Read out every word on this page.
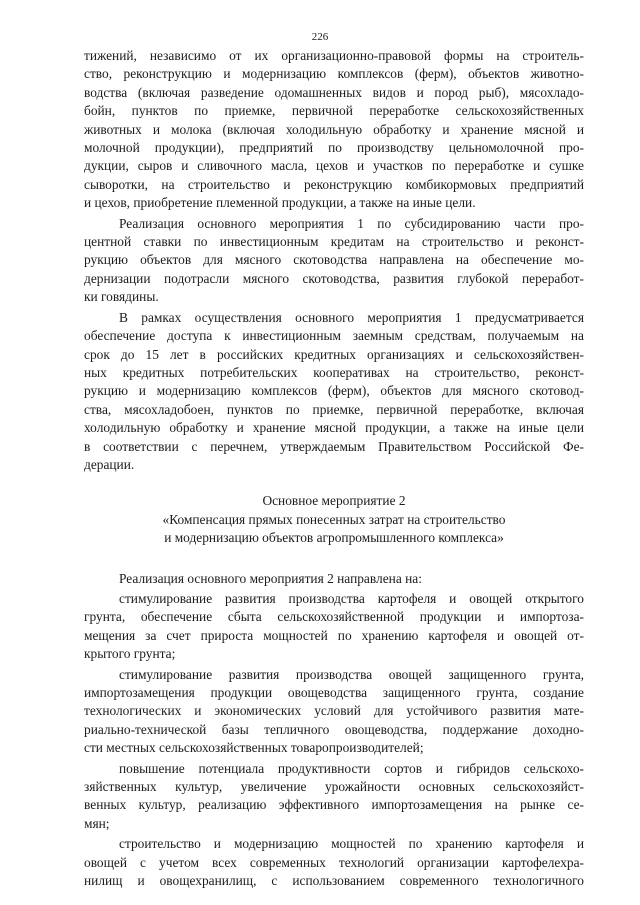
226
тижений, независимо от их организационно-правовой формы на строитель-
ство, реконструкцию и модернизацию комплексов (ферм), объектов животно-
водства (включая разведение одомашненных видов и пород рыб), мясохладо-
бойн, пунктов по приемке, первичной переработке сельскохозяйственных
животных и молока (включая холодильную обработку и хранение мясной и
молочной продукции), предприятий по производству цельномолочной про-
дукции, сыров и сливочного масла, цехов и участков по переработке и сушке
сыворотки, на строительство и реконструкцию комбикормовых предприятий
и цехов, приобретение племенной продукции, а также на иные цели.
Реализация основного мероприятия 1 по субсидированию части про-
центной ставки по инвестиционным кредитам на строительство и реконст-
рукцию объектов для мясного скотоводства направлена на обеспечение мо-
дернизации подотрасли мясного скотоводства, развития глубокой переработ-
ки говядины.
В рамках осуществления основного мероприятия 1 предусматривается
обеспечение доступа к инвестиционным заемным средствам, получаемым на
срок до 15 лет в российских кредитных организациях и сельскохозяйствен-
ных кредитных потребительских кооперативах на строительство, реконст-
рукцию и модернизацию комплексов (ферм), объектов для мясного скотовод-
ства, мясохладобоен, пунктов по приемке, первичной переработке, включая
холодильную обработку и хранение мясной продукции, а также на иные цели
в соответствии с перечнем, утверждаемым Правительством Российской Фе-
дерации.
Основное мероприятие 2
«Компенсация прямых понесенных затрат на строительство
и модернизацию объектов агропромышленного комплекса»
Реализация основного мероприятия 2 направлена на:
стимулирование развития производства картофеля и овощей открытого
грунта, обеспечение сбыта сельскохозяйственной продукции и импортоза-
мещения за счет прироста мощностей по хранению картофеля и овощей от-
крытого грунта;
стимулирование развития производства овощей защищенного грунта,
импортозамещения продукции овощеводства защищенного грунта, создание
технологических и экономических условий для устойчивого развития мате-
риально-технической базы тепличного овощеводства, поддержание доходно-
сти местных сельскохозяйственных товаропроизводителей;
повышение потенциала продуктивности сортов и гибридов сельскохо-
зяйственных культур, увеличение урожайности основных сельскохозяйст-
венных культур, реализацию эффективного импортозамещения на рынке се-
мян;
строительство и модернизацию мощностей по хранению картофеля и
овощей с учетом всех современных технологий организации картофелехра-
нилищ и овощехранилищ, с использованием современного технологичного
